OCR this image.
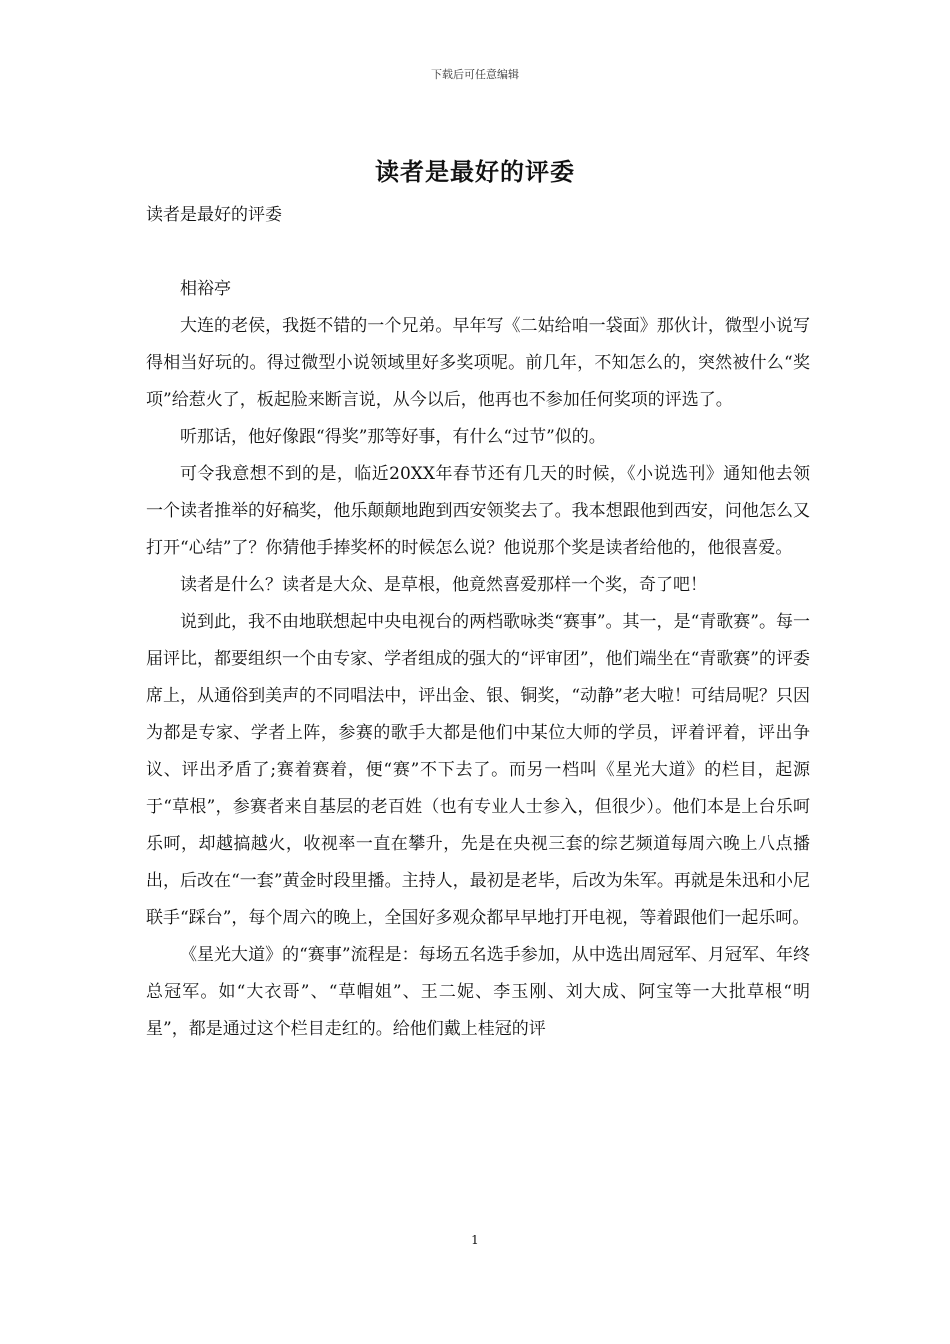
下载后可任意编辑
读者是最好的评委
读者是最好的评委
相裕亭

大连的老侯，我挺不错的一个兄弟。早年写《二姑给咱一袋面》那伙计，微型小说写得相当好玩的。得过微型小说领域里好多奖项呢。前几年，不知怎么的，突然被什么“奖项”给惹火了，板起脸来断言说，从今以后，他再也不参加任何奖项的评选了。

听那话，他好像跟“得奖”那等好事，有什么“过节”似的。

可令我意想不到的是，临近20XX年春节还有几天的时候，《小说选刊》通知他去领一个读者推举的好稿奖，他乐颠颠地跑到西安领奖去了。我本想跟他到西安，问他怎么又打开“心结”了？你猜他手捧奖杯的时候怎么说？他说那个奖是读者给他的，他很喜爱。

读者是什么？读者是大众、是草根，他竟然喜爱那样一个奖，奇了吧！

说到此，我不由地联想起中央电视台的两档歌咏类“赛事”。其一，是“青歌赛”。每一届评比，都要组织一个由专家、学者组成的强大的“评审团”，他们端坐在“青歌赛”的评委席上，从通俗到美声的不同唱法中，评出金、银、铜奖，“动静”老大啦！可结局呢？只因为都是专家、学者上阵，参赛的歌手大都是他们中某位大师的学员，评着评着，评出争议、评出矛盾了;赛着赛着，便“赛”不下去了。而另一档叫《星光大道》的栏目，起源于“草根”，参赛者来自基层的老百姓（也有专业人士参入，但很少）。他们本是上台乐呵乐呵，却越搞越火，收视率一直在攀升，先是在央视三套的综艺频道每周六晚上八点播出，后改在“一套”黄金时段里播。主持人，最初是老毕，后改为朱军。再就是朱迅和小尼联手“踩台”，每个周六的晚上，全国好多观众都早早地打开电视，等着跟他们一起乐呵。

《星光大道》的“赛事”流程是：每场五名选手参加，从中选出周冠军、月冠军、年终总冠军。如“大衣哥”、“草帽姐”、王二妮、李玉刚、刘大成、阿宝等一大批草根“明星”，都是通过这个栏目走红的。给他们戴上桂冠的评

1
